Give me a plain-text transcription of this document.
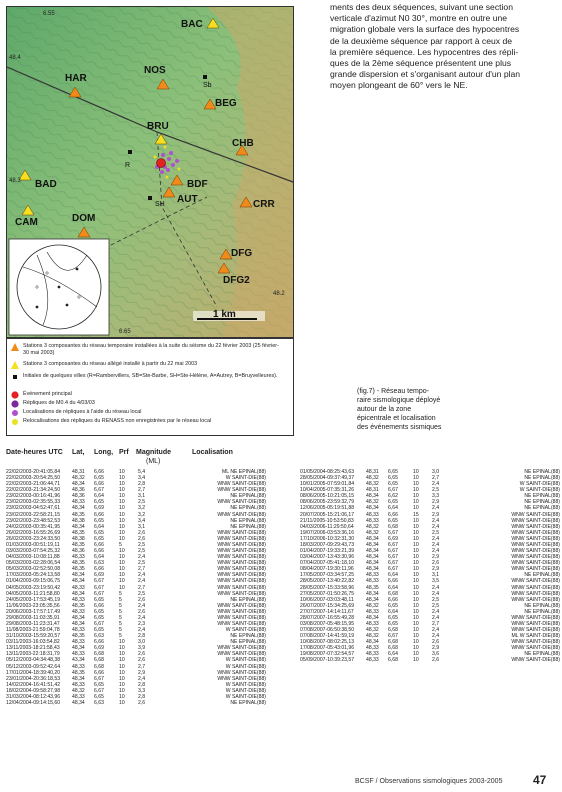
ments des deux séquences, suivant une section
verticale d'azimut N0 30°, montre en outre une
migration globale vers la surface des hypocentres
de la deuxième séquence par rapport à ceux de
la première séquence. Les hypocentres des répli-
ques de la 2ème séquence présentent une plus
grande dispersion et s'organisant autour d'un plan
moyen plongeant de 60° vers le NE.
Sb
R
SH
BAC
HAR
NOS
BEG
BRU
CHB
BAD	BDF
AUT	CRR
CAM	DOM
DFG
DFG2
6.55
48.4
48.3
48.2
6.65
1 km
Stations 3 composantes du réseau temporaire installées à la suite du séisme du 22 février 2003 (25 février-30 mai 2003)
Stations 3 composantes du réseau allégé installé à partir du 22 mai 2003
Initiales de quelques villes (R=Rambervillers, SB=Ste-Barbe, SH=Ste-Hélène, A=Autrey, B=Bruyvelleures).
Événement principal
Répliques de M0.4 du 4/03/03
Localisations de répliques à l'aide du réseau local
Relocalisations des répliques du RENASS non enregistrées par le réseau local
(fig.7) - Réseau tempo-
raire sismologique déployé
autour de la zone
épicentrale et localisation
des événements sismiques
Date-heures UTC Lat, Long, Prf Magnitude
(ML)
Localisation
22/02/2003-20:41:05,84	48,31	6,66	10	5,4	ML NE EPINAL(88)
22/02/2003-20:54:25,50	48,32	6,65	10	3,4	W SAINT-DIE(88)
22/02/2003-21:06:44,71	48,34	6,66	10	2,8	WNW SAINT-DIE(88)
22/02/2003-21:34:24,50	48,36	6,67	10	2,7	WNW SAINT-DIE(88)
23/02/2003-00:16:41,96	48,36	6,64	10	3,1	NE EPINAL(88)
23/02/2003-02:35:55,33	48,33	6,65	10	2,5	WNW SAINT-DIE(88)
23/02/2003-04:52:47,61	48,34	6,69	10	3,2	NE EPINAL(88)
23/02/2003-22:58:21,15	48,35	6,66	10	3,2	WNW SAINT-DIE(88)
23/02/2003-23:48:52,53	48,38	6,65	10	3,4	NE EPINAL(88)
24/02/2003-00:35:41,95	48,34	6,64	10	3,1	NE EPINAL(88)
26/02/2003-16:55:26,69	48,35	6,65	10	2,6	WNW SAINT-DIE(88)
26/02/2003-23:24:33,50	48,38	6,65	10	2,6	WNW SAINT-DIE(88)
01/03/2003-00:51:19,11	48,35	6,66	5	2,5	WNW SAINT-DIE(88)
03/03/2003-07:54:25,32	48,36	6,66	10	2,5	WNW SAINT-DIE(88)
04/03/2003-10:08:11,88	48,33	6,64	10	2,4	WNW SAINT-DIE(88)
05/03/2003-02:28:06,54	48,35	6,63	10	2,5	WNW SAINT-DIE(88)
05/03/2003-02:52:50,08	48,35	6,66	10	2,7	WNW SAINT-DIE(88)
17/03/2003-05:24:13,58	48,34	6,69	10	2,4	WNW SAINT-DIE(88)
01/04/2003-09:15:06,75	48,34	6,67	10	2,4	WNW SAINT-DIE(88)
04/05/2003-23:19:50,42	48,33	6,67	10	2,7	WNW SAINT-DIE(88)
04/05/2003-11:21:58,80	48,34	6,67	5	2,5	WNW SAINT-DIE(88)
24/05/2003-17:53:45,19	48,33	6,65	5	2,6	NE EPINAL(88)
11/06/2003-23:05:35,56	48,35	6,66	5	2,4	WNW SAINT-DIE(88)
20/06/2003-17:57:17,49	48,33	6,65	5	2,6	WNW SAINT-DIE(88)
29/08/2003-11:03:35,91	48,34	6,65	5	2,4	WNW SAINT-DIE(88)
29/08/2003-11:23:31,47	48,34	6,67	5	2,3	WNW SAINT-DIE(88)
11/08/2003-21:59:04,78	48,33	6,65	5	2,4	W SAINT-DIE(88)
31/10/2003-15:59:20,57	48,35	6,63	5	2,8	NE EPINAL(88)
03/11/2003-16:03:54,82	48,33	6,66	10	3,0	NE EPINAL(88)
13/11/2003-18:21:58,43	48,34	6,69	10	3,9	WNW SAINT-DIE(88)
13/11/2003-22:18:31,79	48,33	6,68	10	2,6	WNW SAINT-DIE(88)
05/12/2003-04:34:48,38	43,34	6,68	10	2,6	W SAINT-DIE(88)
05/12/2003-09:52:42,64	48,33	6,68	10	2,7	W SAINT-DIE(88)
17/01/2004-18:39:40,20	48,35	6,66	10	2,9	WNW SAINT-DIE(88)
23/01/2004-20:36:18,53	48,34	6,67	10	2,4	WNW SAINT-DIE(88)
14/02/2004-16:41:51,42	48,33	6,65	10	2,8	W SAINT-DIE(88)
18/02/2004-09:58:27,98	48,32	6,67	10	3,3	W SAINT-DIE(88)
31/03/2004-08:12:43,96	48,33	6,65	10	2,8	W SAINT-DIE(88)
12/04/2004-09:14:15,60	48,34	6,63	10	2,6	NE EPINAL(88)
01/05/2004-08:25:43,63	48,31	6,65	10	3,0	NE EPINAL(88)
28/05/2004-09:37:49,37	48,32	6,65	10	2,7	NE EPINAL(88)
10/01/2005-07:59:01,84	48,32	6,65	10	2,4	W SAINT-DIE(88)
10/04/2005-07:35:31,26	48,31	6,67	10	2,5	W SAINT-DIE(88)
08/06/2005-10:21:05,15	48,34	6,62	10	3,3	NE EPINAL(88)
08/06/2005-23:59:32,79	48,32	6,65	10	2,9	NE EPINAL(88)
12/06/2005-05:19:51,88	48,34	6,64	10	2,4	NE EPINAL(88)
20/07/2005-15:21:06,17	48,33	6,66	15	2,9	WNW SAINT-DIE(88)
21/11/2005-10:53:50,83	48,33	6,65	10	2,4	WNW SAINT-DIE(88)
04/03/2006-11:29:50,64	48,32	6,68	10	2,4	WNW SAINT-DIE(88)
19/07/2006-03:53:36,16	48,32	6,67	10	2,5	WNW SAINT-DIE(88)
17/10/2006-10:32:31,30	48,34	6,69	10	2,4	WNW SAINT-DIE(88)
18/03/2007-09:29:43,73	48,34	6,67	10	2,4	WNW SAINT-DIE(88)
01/04/2007-19:33:21,39	48,34	6,67	10	2,4	WNW SAINT-DIE(88)
03/04/2007-13:43:30,96	48,34	6,67	10	2,9	WNW SAINT-DIE(88)
07/04/2007-05:41:18,10	48,34	6,67	10	2,6	WNW SAINT-DIE(88)
08/04/2007-19:30:11,96	48,34	6,67	10	2,9	WNW SAINT-DIE(88)
17/05/2007-03:34:57,25	48,33	6,64	10	3,1	NE EPINAL(88)
28/05/2007-13:40:22,82	48,33	6,66	10	3,5	WNW SAINT-DIE(88)
28/05/2007-15:33:58,96	48,35	6,64	10	2,4	WNW SAINT-DIE(88)
27/05/2007-01:50:26,75	48,34	6,68	10	2,4	WNW SAINT-DIE(88)
10/06/2007-03:03:48,11	48,34	6,66	10	2,5	WNW SAINT-DIE(88)
26/07/2007-15:34:25,69	48,32	6,65	10	2,5	NE EPINAL(88)
27/07/2007-14:14:11,67	48,33	6,64	10	2,4	NE EPINAL(88)
28/07/2007-16:55:49,28	48,34	6,65	10	2,4	WNW SAINT-DIE(88)
03/08/2007-05:48:15,95	48,33	6,65	10	2,7	WNW SAINT-DIE(88)
07/08/2007-06:50:38,50	48,32	6,68	10	2,4	WNW SAINT-DIE(88)
07/08/2007-14:41:59,19	48,32	6,67	10	2,4	ML W SAINT-DIE(88)
10/08/2007-08:02:25,13	48,34	6,68	10	2,6	WNW SAINT-DIE(88)
17/08/2007-05:43:01,96	48,33	6,68	10	2,9	WNW SAINT-DIE(88)
19/08/2007-07:32:54,57	48,33	6,64	10	3,6	NE EPINAL(88)
05/09/2007-10:39:23,57	48,33	6,68	10	2,6	WNW SAINT-DIE(88)
BCSF / Observations sismologiques 2003-2005	47
